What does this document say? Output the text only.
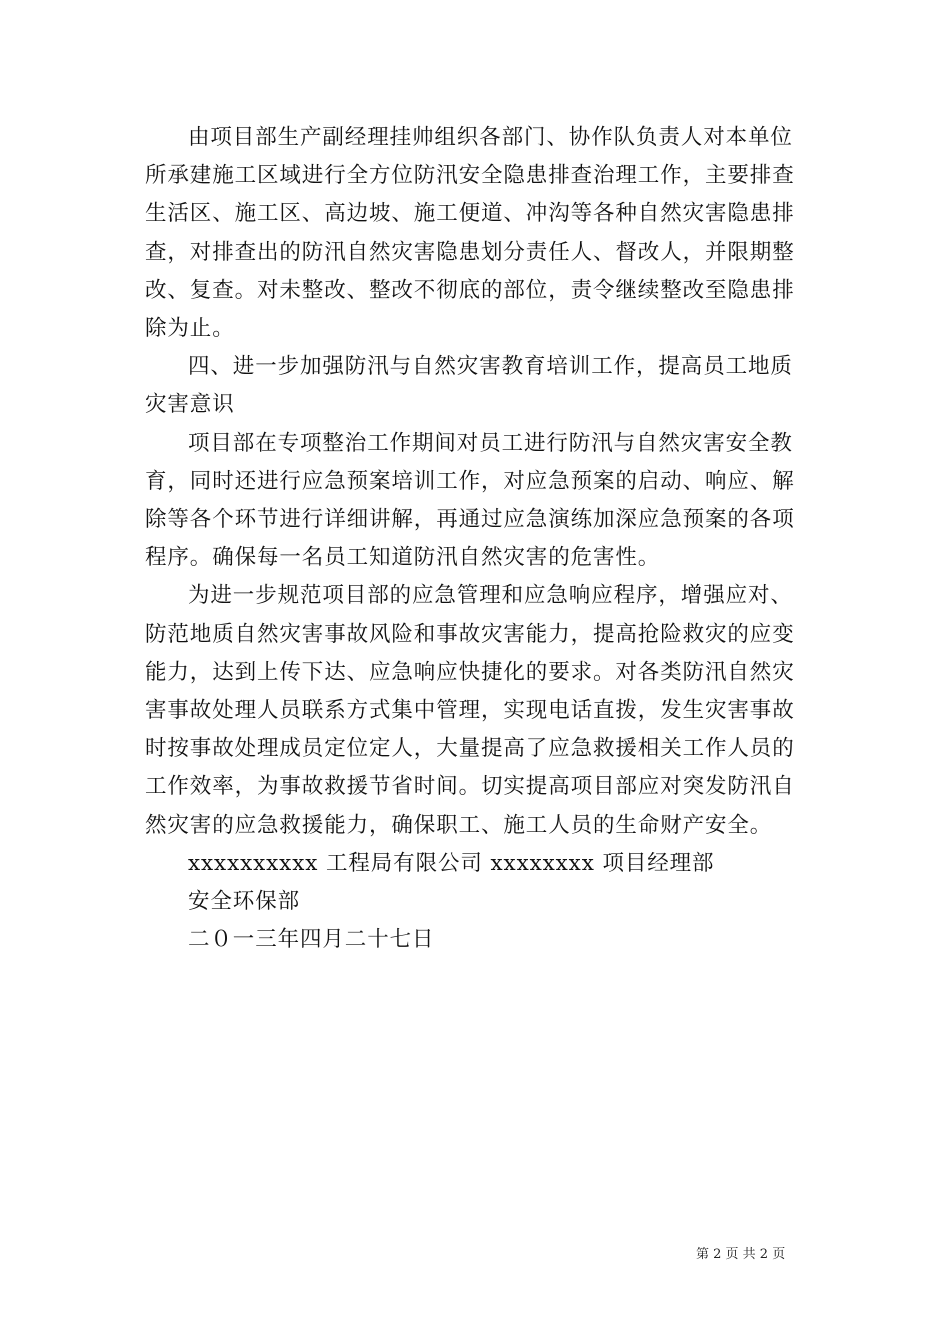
由项目部生产副经理挂帅组织各部门、协作队负责人对本单位
所承建施工区域进行全方位防汛安全隐患排查治理工作，主要排查
生活区、施工区、高边坡、施工便道、冲沟等各种自然灾害隐患排
查，对排查出的防汛自然灾害隐患划分责任人、督改人，并限期整
改、复查。对未整改、整改不彻底的部位，责令继续整改至隐患排
除为止。

四、进一步加强防汛与自然灾害教育培训工作，提高员工地质
灾害意识

项目部在专项整治工作期间对员工进行防汛与自然灾害安全教
育，同时还进行应急预案培训工作，对应急预案的启动、响应、解
除等各个环节进行详细讲解，再通过应急演练加深应急预案的各项
程序。确保每一名员工知道防汛自然灾害的危害性。

为进一步规范项目部的应急管理和应急响应程序，增强应对、
防范地质自然灾害事故风险和事故灾害能力，提高抢险救灾的应变
能力，达到上传下达、应急响应快捷化的要求。对各类防汛自然灾
害事故处理人员联系方式集中管理，实现电话直拨，发生灾害事故
时按事故处理成员定位定人，大量提高了应急救援相关工作人员的
工作效率，为事故救援节省时间。切实提高项目部应对突发防汛自
然灾害的应急救援能力，确保职工、施工人员的生命财产安全。

xxxxxxxxxx 工程局有限公司 xxxxxxxx 项目经理部

安全环保部

二０一三年四月二十七日

第 2 页 共 2 页
